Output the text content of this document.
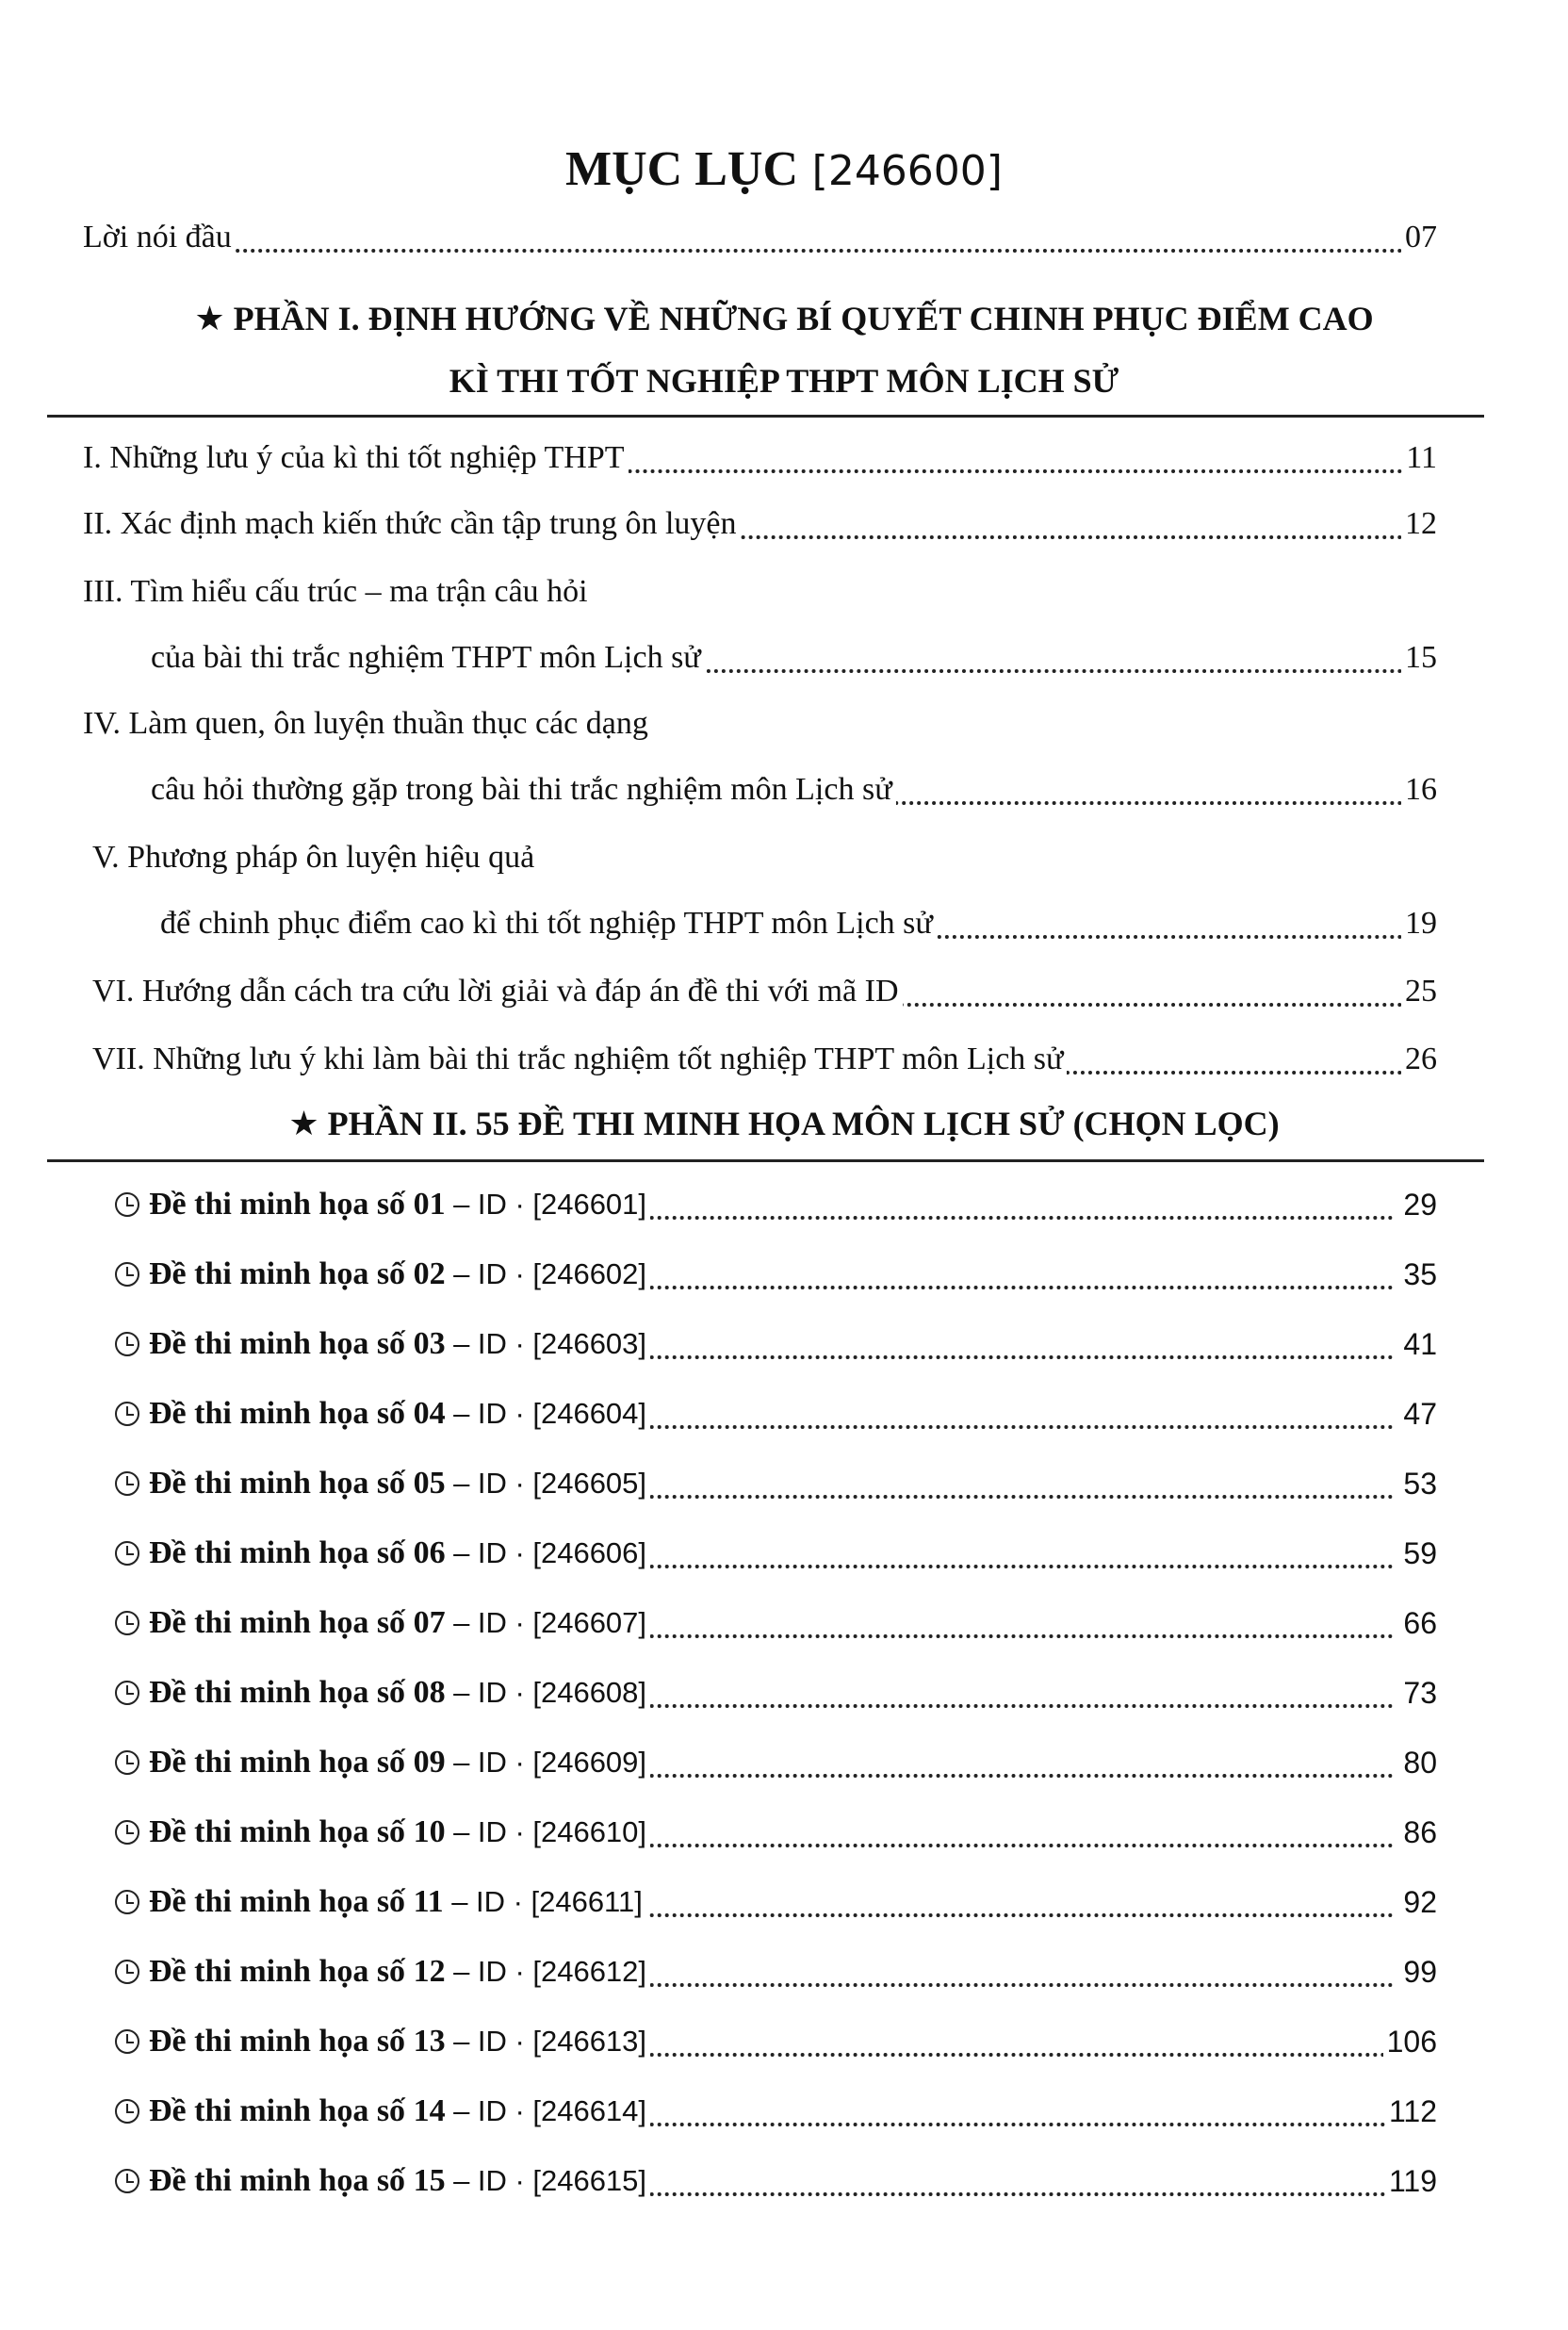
MỤC LỤC [246600]
Lời nói đầu	07
★ PHẦN I. ĐỊNH HƯỚNG VỀ NHỮNG BÍ QUYẾT CHINH PHỤC ĐIỂM CAO
KÌ THI TỐT NGHIỆP THPT MÔN LỊCH SỬ
I. Những lưu ý của kì thi tốt nghiệp THPT	11
II. Xác định mạch kiến thức cần tập trung ôn luyện	12
III. Tìm hiểu cấu trúc – ma trận câu hỏi
của bài thi trắc nghiệm THPT môn Lịch sử	15
IV. Làm quen, ôn luyện thuần thục các dạng
câu hỏi thường gặp trong bài thi trắc nghiệm môn Lịch sử	16
V. Phương pháp ôn luyện hiệu quả
để chinh phục điểm cao kì thi tốt nghiệp THPT môn Lịch sử	19
VI. Hướng dẫn cách tra cứu lời giải và đáp án đề thi với mã ID	25
VII. Những lưu ý khi làm bài thi trắc nghiệm tốt nghiệp THPT môn Lịch sử	26
★ PHẦN II. 55 ĐỀ THI MINH HỌA MÔN LỊCH SỬ (CHỌN LỌC)
Đề thi minh họa số 01 – ID · [246601]	29
Đề thi minh họa số 02 – ID · [246602]	35
Đề thi minh họa số 03 – ID · [246603]	41
Đề thi minh họa số 04 – ID · [246604]	47
Đề thi minh họa số 05 – ID · [246605]	53
Đề thi minh họa số 06 – ID · [246606]	59
Đề thi minh họa số 07 – ID · [246607]	66
Đề thi minh họa số 08 – ID · [246608]	73
Đề thi minh họa số 09 – ID · [246609]	80
Đề thi minh họa số 10 – ID · [246610]	86
Đề thi minh họa số 11 – ID · [246611]	92
Đề thi minh họa số 12 – ID · [246612]	99
Đề thi minh họa số 13 – ID · [246613]	106
Đề thi minh họa số 14 – ID · [246614]	112
Đề thi minh họa số 15 – ID · [246615]	119
